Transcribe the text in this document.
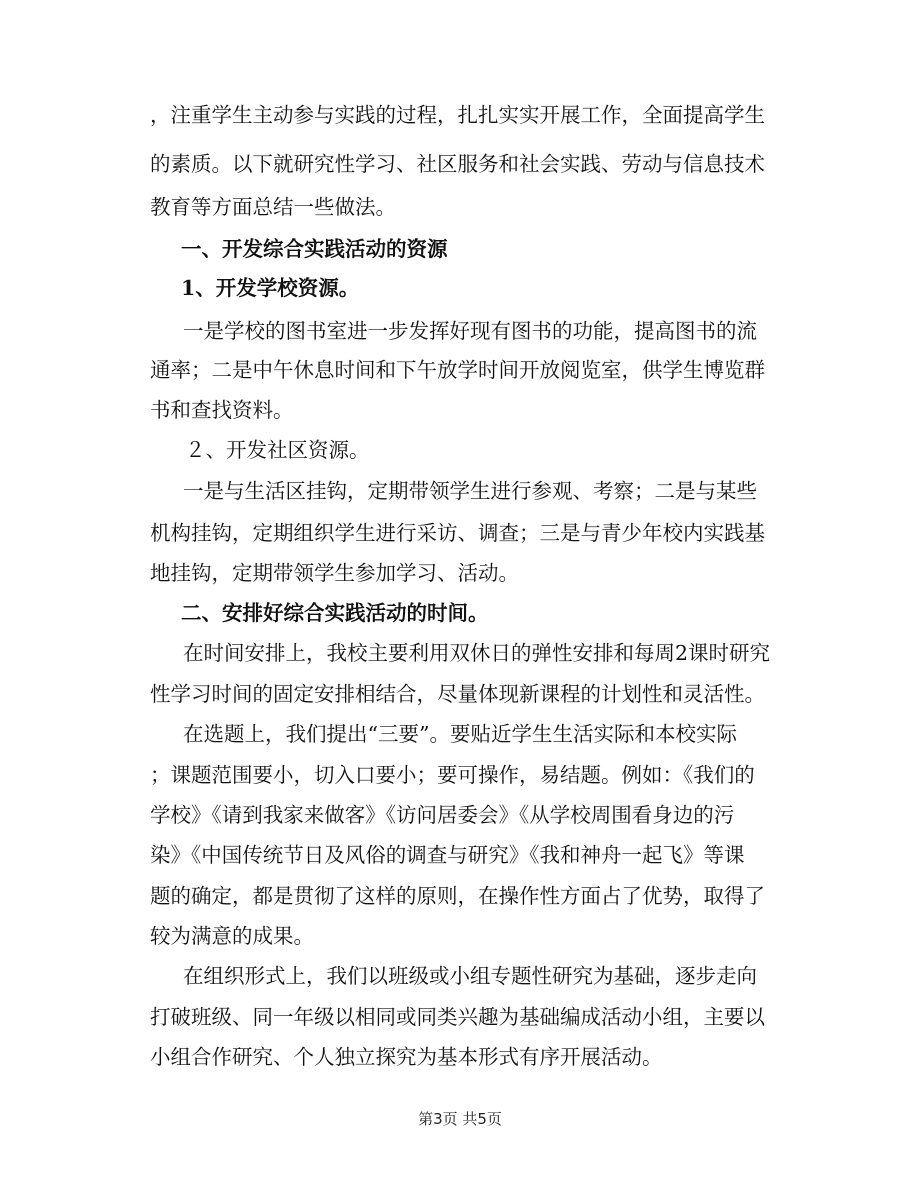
，注重学生主动参与实践的过程，扎扎实实开展工作，全面提高学生
的素质。以下就研究性学习、社区服务和社会实践、劳动与信息技术
教育等方面总结一些做法。
一、开发综合实践活动的资源
1、开发学校资源。
一是学校的图书室进一步发挥好现有图书的功能，提高图书的流
通率；二是中午休息时间和下午放学时间开放阅览室，供学生博览群
书和查找资料。
２、开发社区资源。
一是与生活区挂钩，定期带领学生进行参观、考察；二是与某些
机构挂钩，定期组织学生进行采访、调查；三是与青少年校内实践基
地挂钩，定期带领学生参加学习、活动。
二、安排好综合实践活动的时间。
在时间安排上，我校主要利用双休日的弹性安排和每周2课时研究
性学习时间的固定安排相结合，尽量体现新课程的计划性和灵活性。
在选题上，我们提出“三要”。要贴近学生生活实际和本校实际
；课题范围要小，切入口要小；要可操作，易结题。例如：《我们的
学校》《请到我家来做客》《访问居委会》《从学校周围看身边的污
染》《中国传统节日及风俗的调查与研究》《我和神舟一起飞》等课
题的确定，都是贯彻了这样的原则，在操作性方面占了优势，取得了
较为满意的成果。
在组织形式上，我们以班级或小组专题性研究为基础，逐步走向
打破班级、同一年级以相同或同类兴趣为基础编成活动小组，主要以
小组合作研究、个人独立探究为基本形式有序开展活动。
第3页 共5页
